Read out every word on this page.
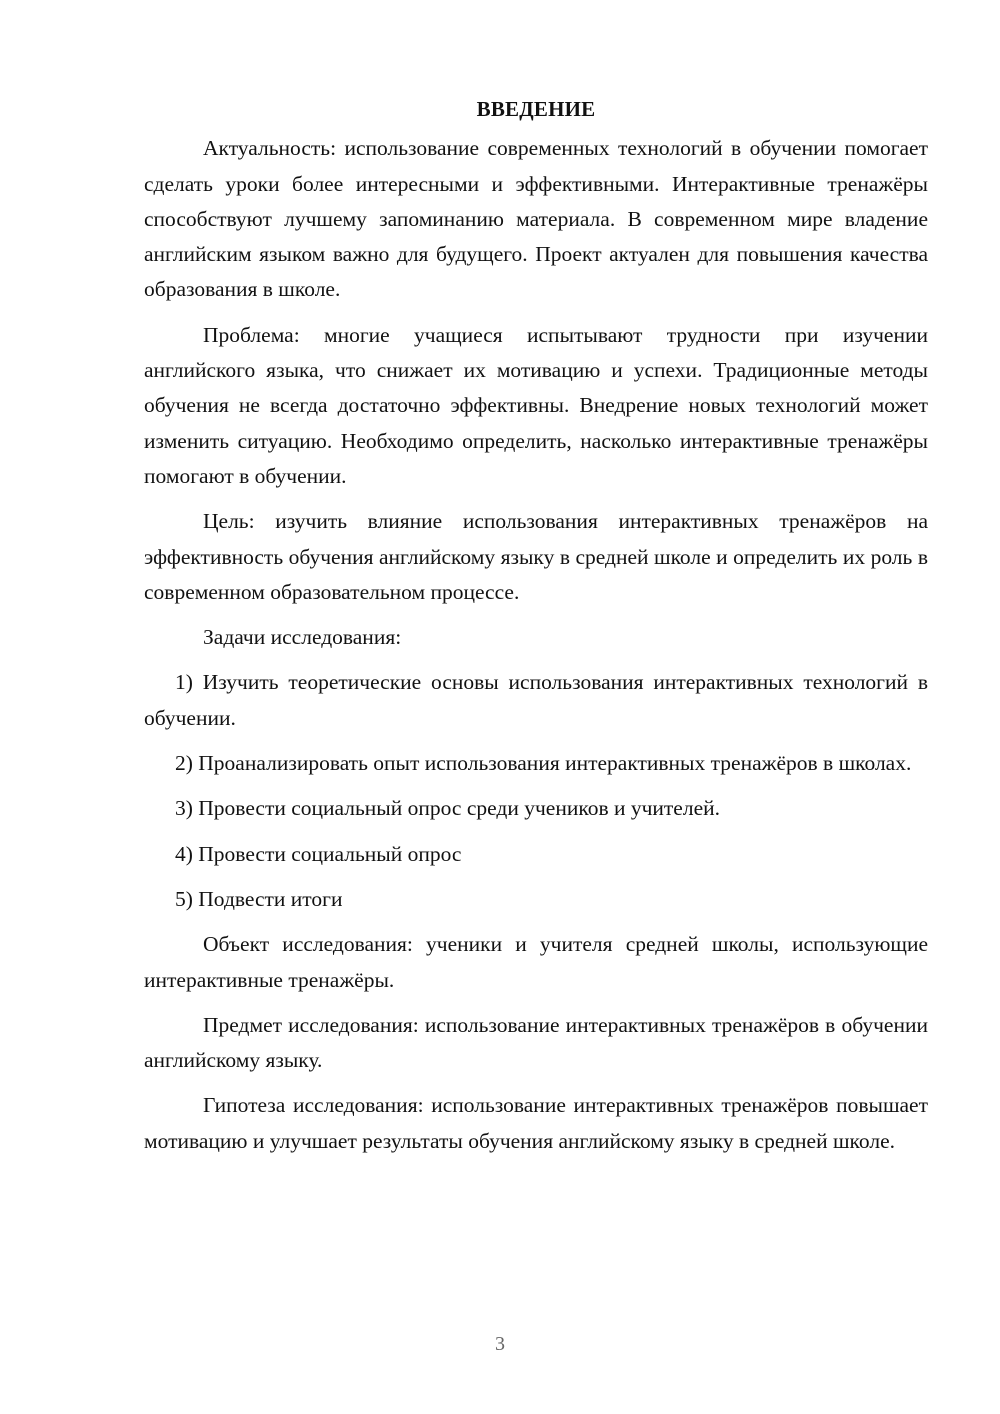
ВВЕДЕНИЕ

Актуальность: использование современных технологий в обучении помогает сделать уроки более интересными и эффективными. Интерактивные тренажёры способствуют лучшему запоминанию материала. В современном мире владение английским языком важно для будущего. Проект актуален для повышения качества образования в школе.

Проблема: многие учащиеся испытывают трудности при изучении английского языка, что снижает их мотивацию и успехи. Традиционные методы обучения не всегда достаточно эффективны. Внедрение новых технологий может изменить ситуацию. Необходимо определить, насколько интерактивные тренажёры помогают в обучении.

Цель: изучить влияние использования интерактивных тренажёров на эффективность обучения английскому языку в средней школе и определить их роль в современном образовательном процессе.

Задачи исследования:

1) Изучить теоретические основы использования интерактивных технологий в обучении.

2) Проанализировать опыт использования интерактивных тренажёров в школах.

3) Провести социальный опрос среди учеников и учителей.

4) Провести социальный опрос

5) Подвести итоги

Объект исследования: ученики и учителя средней школы, использующие интерактивные тренажёры.

Предмет исследования: использование интерактивных тренажёров в обучении английскому языку.

Гипотеза исследования: использование интерактивных тренажёров повышает мотивацию и улучшает результаты обучения английскому языку в средней школе.

3
